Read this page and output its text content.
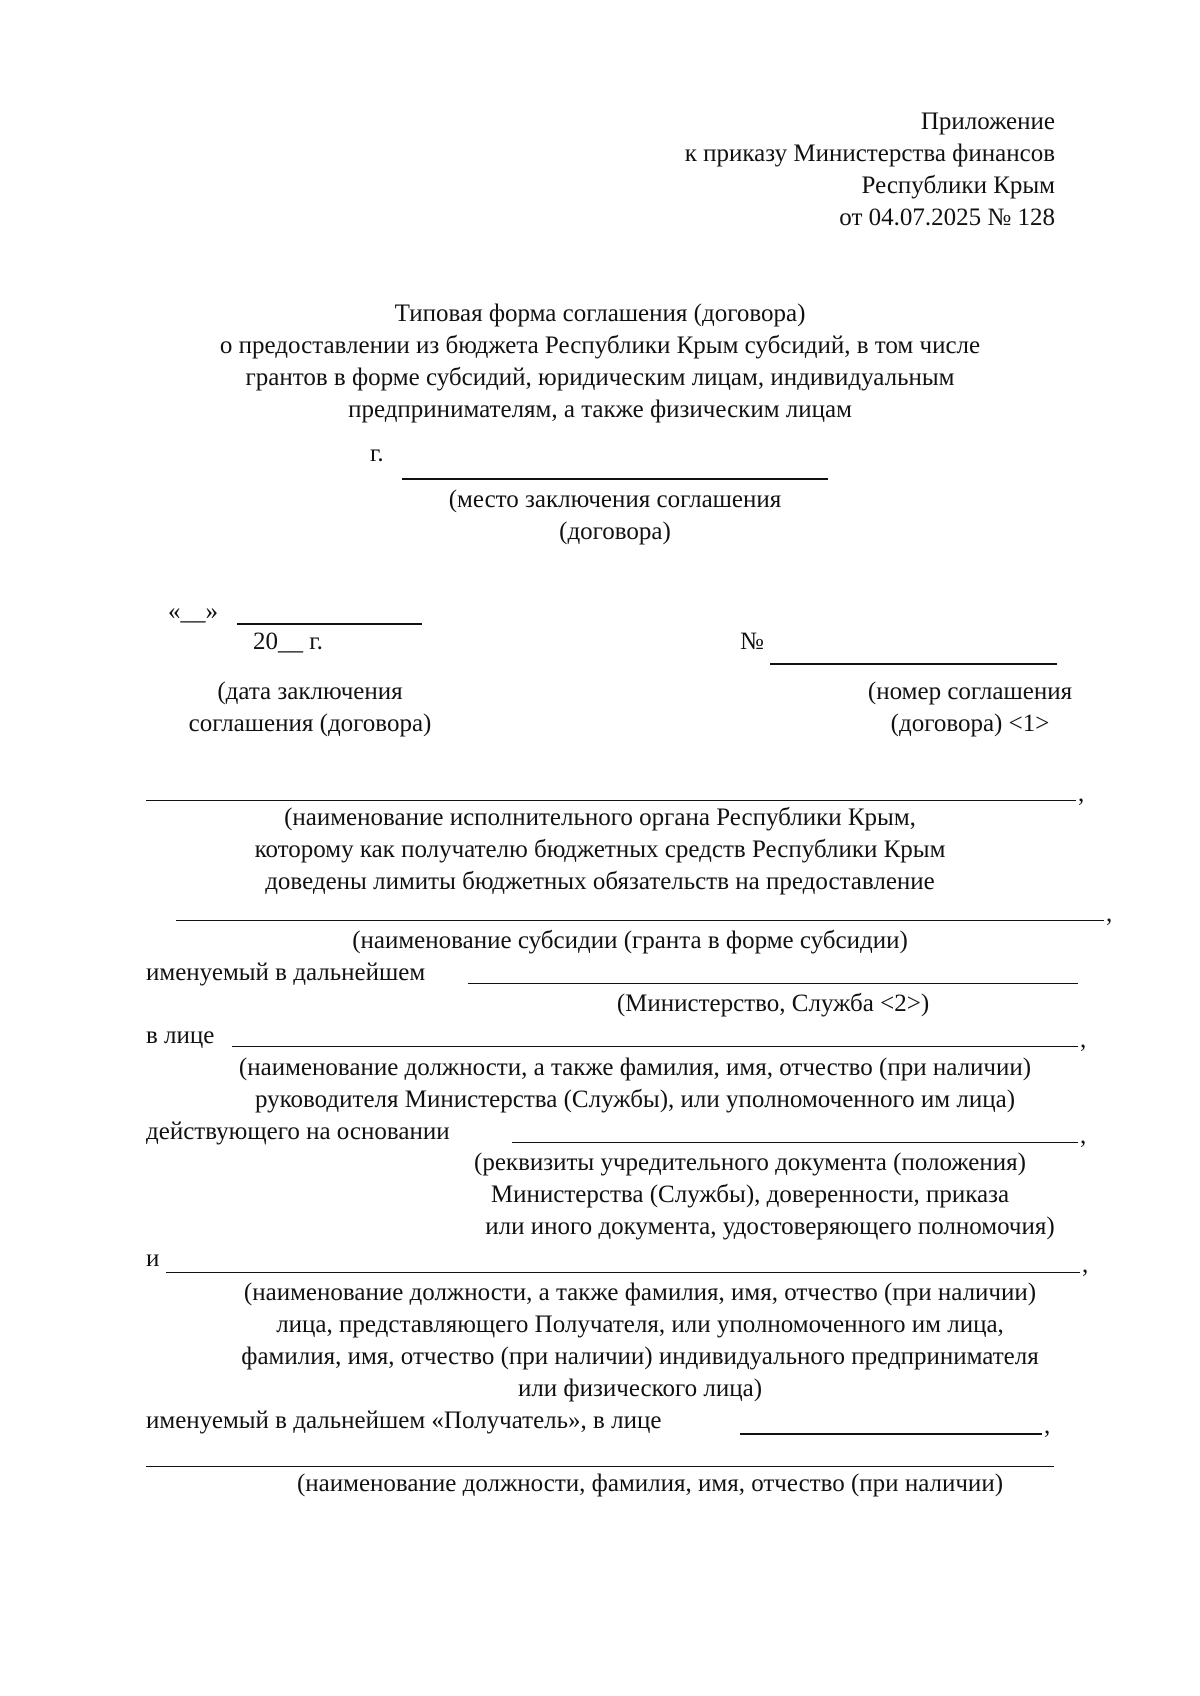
Приложение
к приказу Министерства финансов
Республики Крым
от 04.07.2025 № 128
Типовая форма соглашения (договора)
о предоставлении из бюджета Республики Крым субсидий, в том числе
грантов в форме субсидий, юридическим лицам, индивидуальным
предпринимателям, а также физическим лицам
г.
(место заключения соглашения
(договора)
«__»
20__ г.
(дата заключения
соглашения (договора)
№
(номер соглашения
(договора) <1>
,
(наименование исполнительного органа Республики Крым,
которому как получателю бюджетных средств Республики Крым
доведены лимиты бюджетных обязательств на предоставление
,
(наименование субсидии (гранта в форме субсидии)
именуемый в дальнейшем
(Министерство, Служба <2>)
в лице	,
(наименование должности, а также фамилия, имя, отчество (при наличии)
руководителя Министерства (Службы), или уполномоченного им лица)
действующего на основании	,
(реквизиты учредительного документа (положения)
Министерства (Службы), доверенности, приказа
или иного документа, удостоверяющего полномочия)
и	,
(наименование должности, а также фамилия, имя, отчество (при наличии)
лица, представляющего Получателя, или уполномоченного им лица,
фамилия, имя, отчество (при наличии) индивидуального предпринимателя
или физического лица)
именуемый в дальнейшем «Получатель», в лице	,
(наименование должности, фамилия, имя, отчество (при наличии)
